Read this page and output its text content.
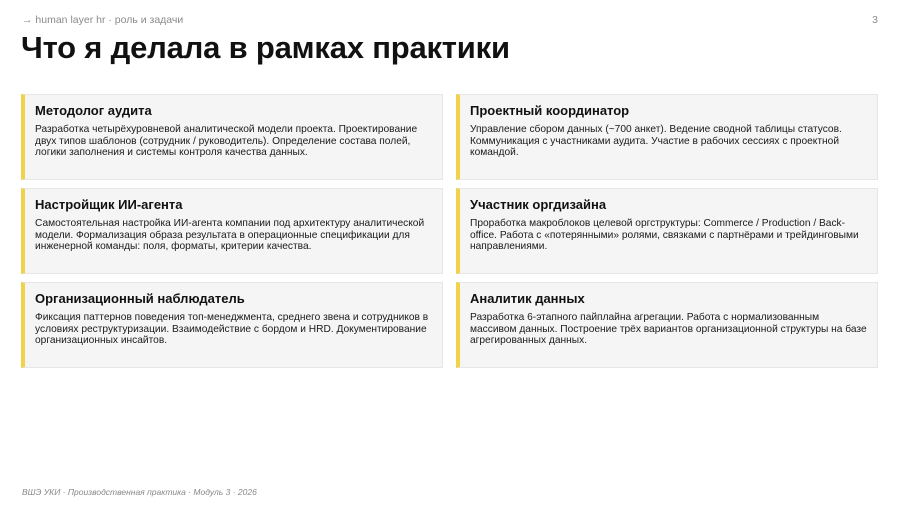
→ human layer hr · роль и задачи	3
Что я делала в рамках практики
Методолог аудита

Разработка четырёхуровневой аналитической модели проекта. Проектирование двух типов шаблонов (сотрудник / руководитель). Определение состава полей, логики заполнения и системы контроля качества данных.

Проектный координатор

Управление сбором данных (~700 анкет). Ведение сводной таблицы статусов. Коммуникация с участниками аудита. Участие в рабочих сессиях с проектной командой.

Настройщик ИИ-агента

Самостоятельная настройка ИИ-агента компании под архитектуру аналитической модели. Формализация образа результата в операционные спецификации для инженерной команды: поля, форматы, критерии качества.

Участник оргдизайна

Проработка макроблоков целевой оргструктуры: Commerce / Production / Back-office. Работа с «потерянными» ролями, связками с партнёрами и трейдинговыми направлениями.

Организационный наблюдатель

Фиксация паттернов поведения топ-менеджмента, среднего звена и сотрудников в условиях реструктуризации. Взаимодействие с бордом и HRD. Документирование организационных инсайтов.

Аналитик данных

Разработка 6-этапного пайплайна агрегации. Работа с нормализованным массивом данных. Построение трёх вариантов организационной структуры на базе агрегированных данных.

ВШЭ УКИ · Производственная практика · Модуль 3 · 2026
